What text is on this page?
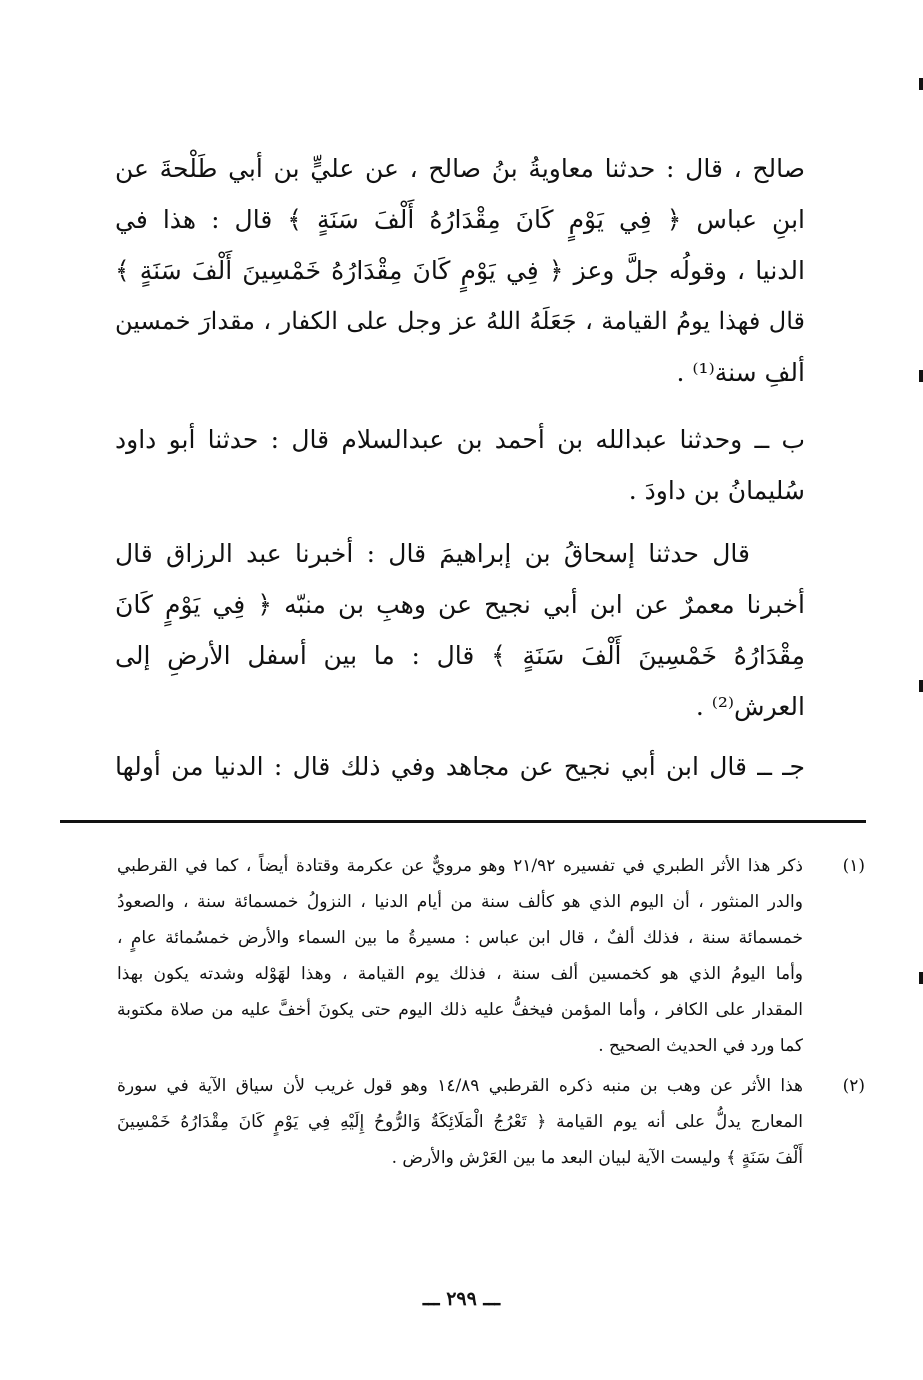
صالح ، قال : حدثنا معاويةُ بنُ صالح ، عن عليٍّ بن أبي طَلْحةَ عن
ابنِ عباس ﴿ فِي يَوْمٍ كَانَ مِقْدَارُهُ أَلْفَ سَنَةٍ ﴾ قال : هذا في
الدنيا ، وقولُه جلَّ وعز ﴿ فِي يَوْمٍ كَانَ مِقْدَارُهُ خَمْسِينَ أَلْفَ سَنَةٍ ﴾
قال فهذا يومُ القيامة ، جَعَلَهُ اللهُ عز وجل على الكفار ، مقدارَ خمسين
ألفِ سنة⁽¹⁾ .
ب ــ وحدثنا عبدالله بن أحمد بن عبدالسلام قال : حدثنا أبو داود
سُليمانُ بن داودَ .
قال حدثنا إسحاقُ بن إبراهيمَ قال : أخبرنا عبد الرزاق قال
أخبرنا معمرٌ عن ابن أبي نجيح عن وهبِ بن منبّه ﴿ فِي يَوْمٍ كَانَ
مِقْدَارُهُ خَمْسِينَ أَلْفَ سَنَةٍ ﴾ قال : ما بين أسفل الأرضِ إلى
العرش⁽²⁾ .
جـ ــ قال ابن أبي نجيح عن مجاهد وفي ذلك قال : الدنيا من أولها
(١)
ذكر هذا الأثر الطبري في تفسيره ٢١/٩٢ وهو مرويٌّ عن عكرمة وقتادة أيضاً ، كما في القرطبي
والدر المنثور ، أن اليوم الذي هو كألف سنة من أيام الدنيا ، النزولُ خمسمائة سنة ، والصعودُ
خمسمائة سنة ، فذلك ألفٌ ، قال ابن عباس : مسيرةُ ما بين السماء والأرض خمسُمائة عامٍ ،
وأما اليومُ الذي هو كخمسين ألف سنة ، فذلك يوم القيامة ، وهذا لهَوْله وشدته يكون بهذا
المقدار على الكافر ، وأما المؤمن فيخفُّ عليه ذلك اليوم حتى يكونَ أخفَّ عليه من صلاة مكتوبة
كما ورد في الحديث الصحيح .
(٢)
هذا الأثر عن وهب بن منبه ذكره القرطبي ١٤/٨٩ وهو قول غريب لأن سياق الآية في سورة
المعارج يدلُّ على أنه يوم القيامة ﴿ تَعْرُجُ الْمَلَائِكَةُ وَالرُّوحُ إِلَيْهِ فِي يَوْمٍ كَانَ مِقْدَارُهُ خَمْسِينَ
أَلْفَ سَنَةٍ ﴾ وليست الآية لبيان البعد ما بين العَرْش والأرض .
ـــ ٢٩٩ ـــ
